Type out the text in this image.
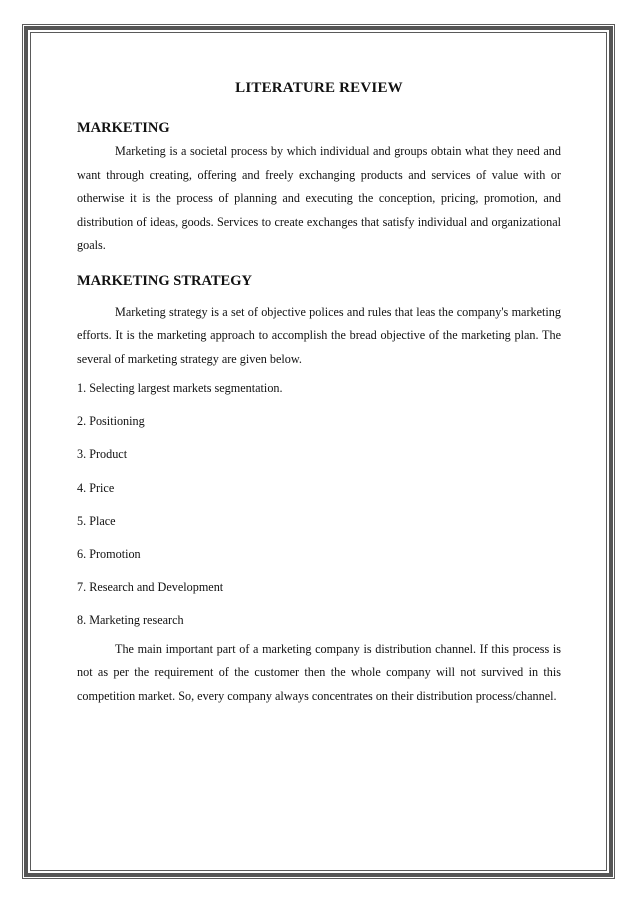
LITERATURE REVIEW
MARKETING

Marketing is a societal process by which individual and groups obtain what they need and want through creating, offering and freely exchanging products and services of value with or otherwise it is the process of planning and executing the conception, pricing, promotion, and distribution of ideas, goods. Services to create exchanges that satisfy individual and organizational goals.

MARKETING STRATEGY

Marketing strategy is a set of objective polices and rules that leas the company's marketing efforts. It is the marketing approach to accomplish the bread objective of the marketing plan. The several of marketing strategy are given below.

1. Selecting largest markets segmentation.
2. Positioning
3. Product
4. Price
5. Place
6. Promotion
7. Research and Development
8. Marketing research

The main important part of a marketing company is distribution channel. If this process is not as per the requirement of the customer then the whole company will not survived in this competition market. So, every company always concentrates on their distribution process/channel.
